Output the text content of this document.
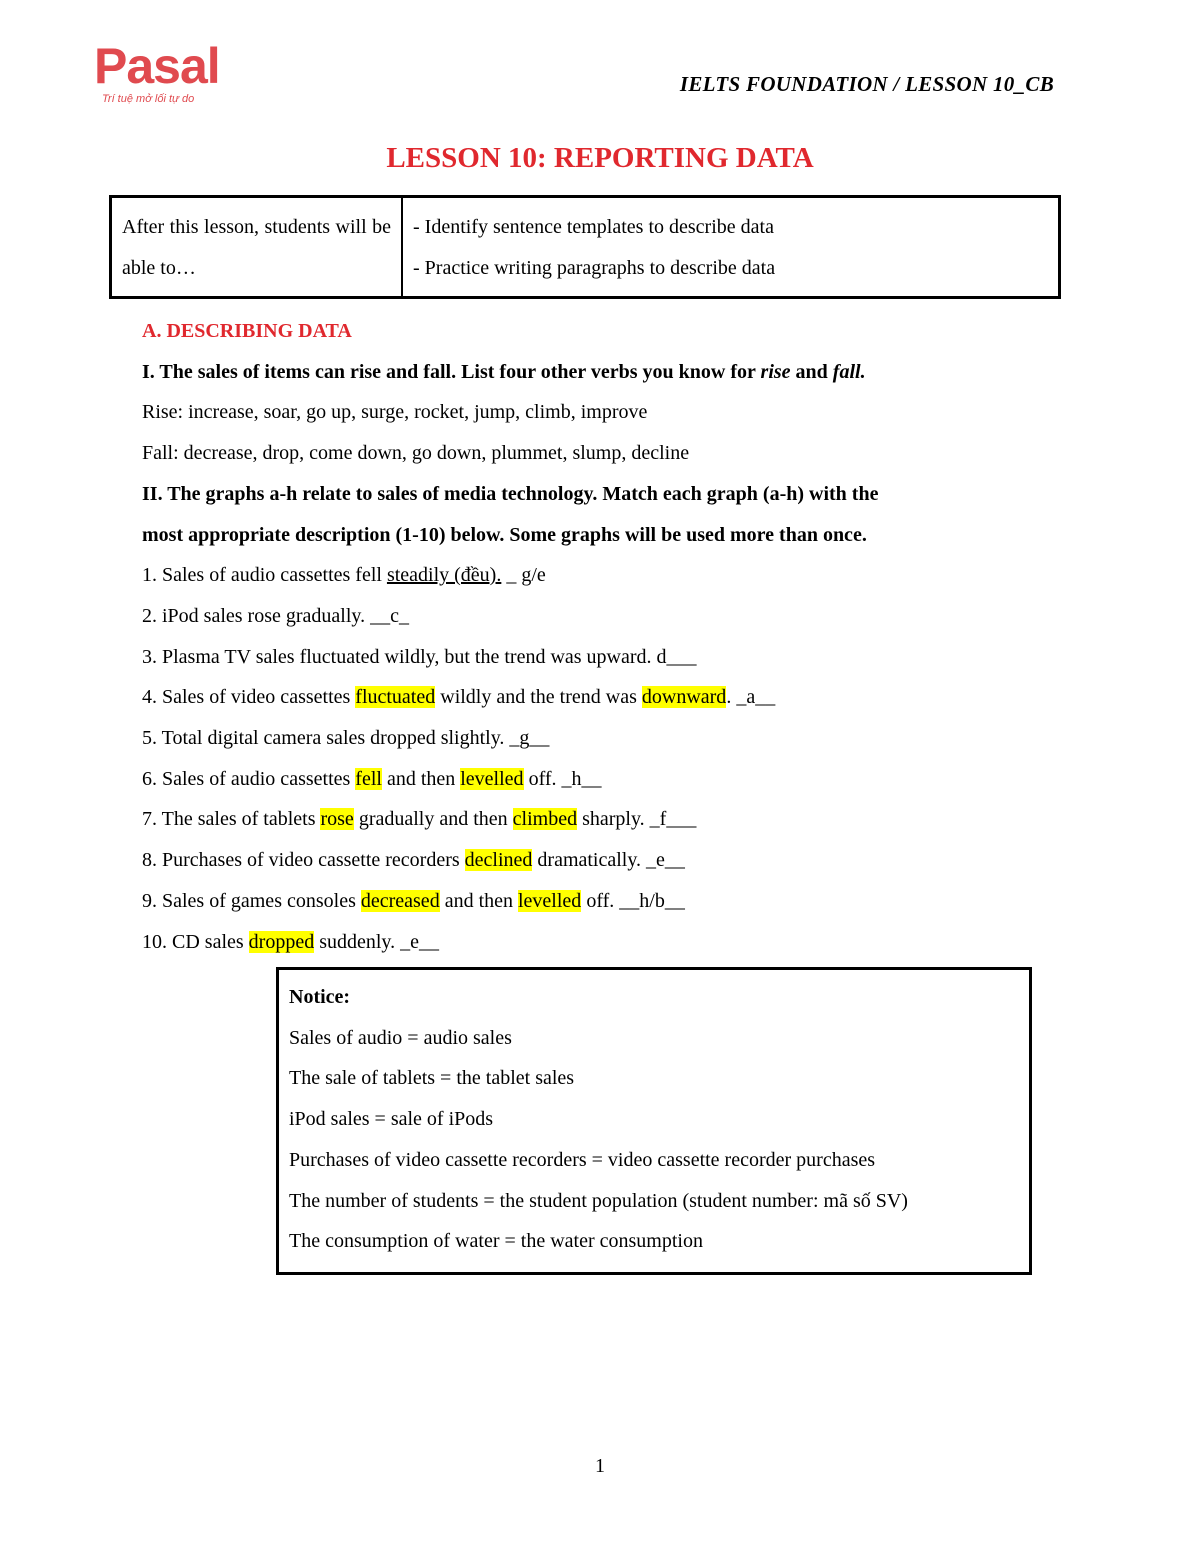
Pasal
Trí tuệ mở lối tự do
IELTS FOUNDATION / LESSON 10_CB
LESSON 10: REPORTING DATA
After this lesson, students will be able to…
- Identify sentence templates to describe data
- Practice writing paragraphs to describe data
A. DESCRIBING DATA
I. The sales of items can rise and fall. List four other verbs you know for rise and fall.
Rise: increase, soar, go up, surge, rocket, jump, climb, improve
Fall: decrease, drop, come down, go down, plummet, slump, decline
II. The graphs a-h relate to sales of media technology. Match each graph (a-h) with the
most appropriate description (1-10) below. Some graphs will be used more than once.
1. Sales of audio cassettes fell steadily (đều). _ g/e
2. iPod sales rose gradually. __c_
3. Plasma TV sales fluctuated wildly, but the trend was upward. d___
4. Sales of video cassettes fluctuated wildly and the trend was downward. _a__
5. Total digital camera sales dropped slightly. _g__
6. Sales of audio cassettes fell and then levelled off. _h__
7. The sales of tablets rose gradually and then climbed sharply. _f___
8. Purchases of video cassette recorders declined dramatically. _e__
9. Sales of games consoles decreased and then levelled off. __h/b__
10. CD sales dropped suddenly. _e__
Notice:
Sales of audio = audio sales
The sale of tablets = the tablet sales
iPod sales = sale of iPods
Purchases of video cassette recorders = video cassette recorder purchases
The number of students = the student population (student number: mã số SV)
The consumption of water = the water consumption
1
